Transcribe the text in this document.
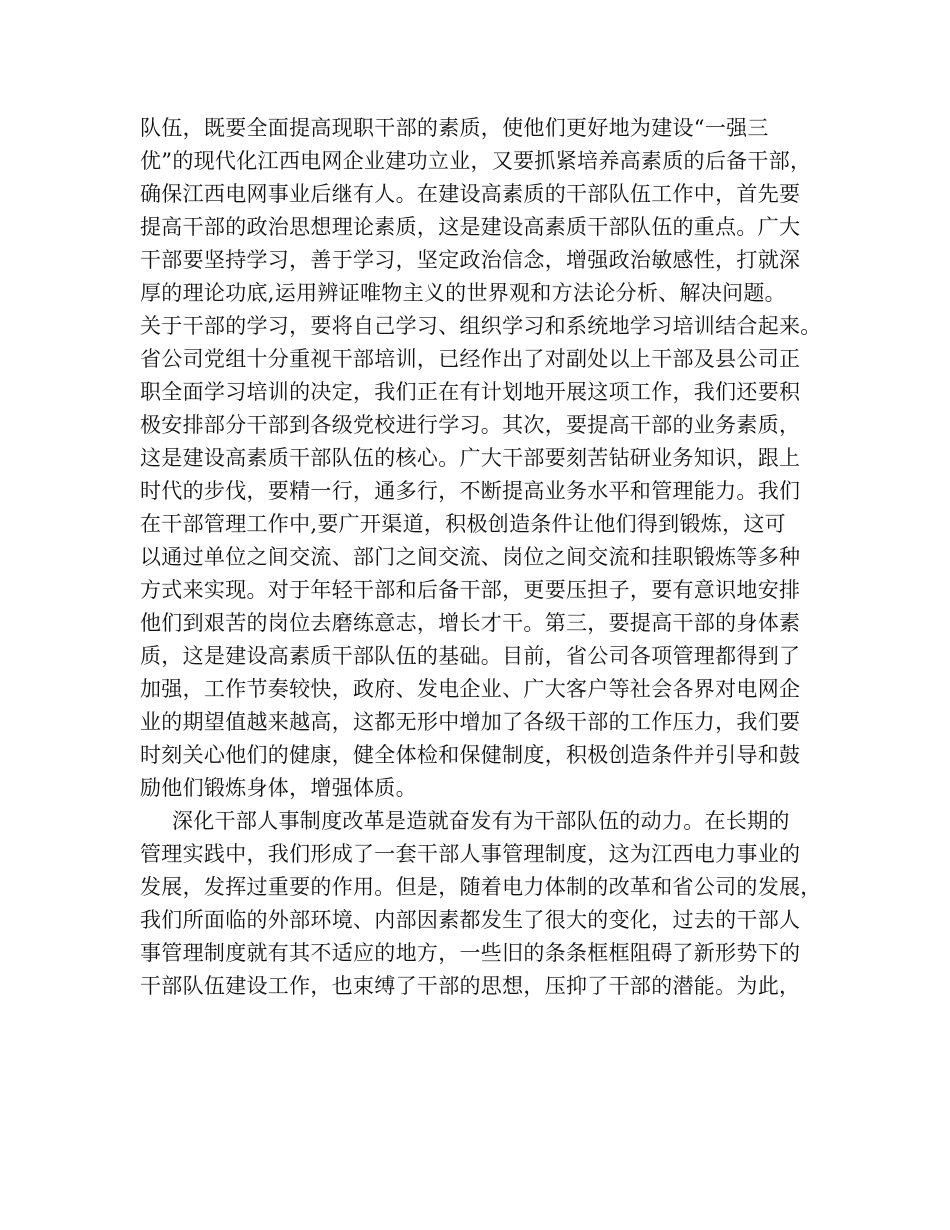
队伍，既要全面提高现职干部的素质，使他们更好地为建设“一强三
优”的现代化江西电网企业建功立业，又要抓紧培养高素质的后备干部，
确保江西电网事业后继有人。在建设高素质的干部队伍工作中，首先要
提高干部的政治思想理论素质，这是建设高素质干部队伍的重点。广大
干部要坚持学习，善于学习，坚定政治信念，增强政治敏感性，打就深
厚的理论功底,运用辨证唯物主义的世界观和方法论分析、解决问题。
关于干部的学习，要将自己学习、组织学习和系统地学习培训结合起来。
省公司党组十分重视干部培训，已经作出了对副处以上干部及县公司正
职全面学习培训的决定，我们正在有计划地开展这项工作，我们还要积
极安排部分干部到各级党校进行学习。其次，要提高干部的业务素质，
这是建设高素质干部队伍的核心。广大干部要刻苦钻研业务知识，跟上
时代的步伐，要精一行，通多行，不断提高业务水平和管理能力。我们
在干部管理工作中,要广开渠道，积极创造条件让他们得到锻炼，这可
以通过单位之间交流、部门之间交流、岗位之间交流和挂职锻炼等多种
方式来实现。对于年轻干部和后备干部，更要压担子，要有意识地安排
他们到艰苦的岗位去磨练意志，增长才干。第三，要提高干部的身体素
质，这是建设高素质干部队伍的基础。目前，省公司各项管理都得到了
加强，工作节奏较快，政府、发电企业、广大客户等社会各界对电网企
业的期望值越来越高，这都无形中增加了各级干部的工作压力，我们要
时刻关心他们的健康，健全体检和保健制度，积极创造条件并引导和鼓
励他们锻炼身体，增强体质。
深化干部人事制度改革是造就奋发有为干部队伍的动力。在长期的
管理实践中，我们形成了一套干部人事管理制度，这为江西电力事业的
发展，发挥过重要的作用。但是，随着电力体制的改革和省公司的发展，
我们所面临的外部环境、内部因素都发生了很大的变化，过去的干部人
事管理制度就有其不适应的地方，一些旧的条条框框阻碍了新形势下的
干部队伍建设工作，也束缚了干部的思想，压抑了干部的潜能。为此，
